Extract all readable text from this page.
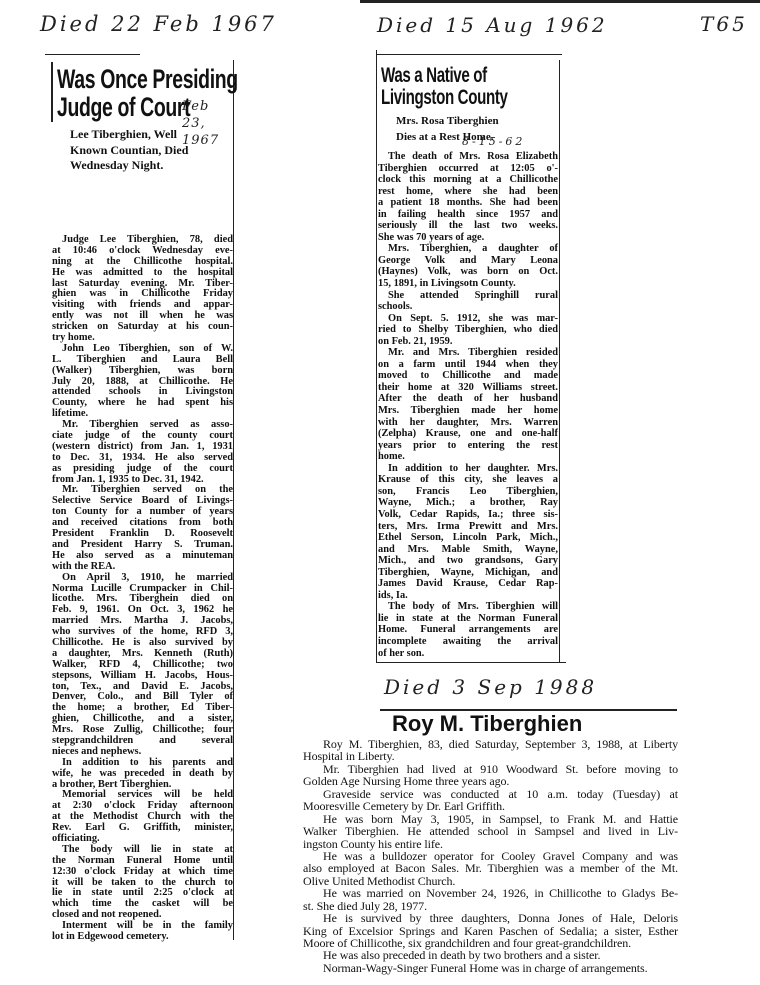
Died 22 Feb 1967
Feb 23, 1967
Died 15 Aug 1962	T65
8-15-62
Died 3 Sep 1988
Was Once Presiding
Judge of Court
Lee Tiberghien, Well
Known Countian, Died
Wednesday Night.
Judge Lee Tiberghien, 78, died
at 10:46 o'clock Wednesday eve-
ning at the Chillicothe hospital.
He was admitted to the hospital
last Saturday evening. Mr. Tiber-
ghien was in Chillicothe Friday
visiting with friends and appar-
ently was not ill when he was
stricken on Saturday at his coun-
try home.
John Leo Tiberghien, son of W.
L. Tiberghien and Laura Bell
(Walker) Tiberghien, was born
July 20, 1888, at Chillicothe. He
attended schools in Livingston
County, where he had spent his
lifetime.
Mr. Tiberghien served as asso-
ciate judge of the county court
(western district) from Jan. 1, 1931
to Dec. 31, 1934. He also served
as presiding judge of the court
from Jan. 1, 1935 to Dec. 31, 1942.
Mr. Tiberghien served on the
Selective Service Board of Livings-
ton County for a number of years
and received citations from both
President Franklin D. Roosevelt
and President Harry S. Truman.
He also served as a minuteman
with the REA.
On April 3, 1910, he married
Norma Lucille Crumpacker in Chil-
licothe. Mrs. Tiberghein died on
Feb. 9, 1961. On Oct. 3, 1962 he
married Mrs. Martha J. Jacobs,
who survives of the home, RFD 3,
Chillicothe. He is also survived by
a daughter, Mrs. Kenneth (Ruth)
Walker, RFD 4, Chillicothe; two
stepsons, William H. Jacobs, Hous-
ton, Tex., and David E. Jacobs,
Denver, Colo., and Bill Tyler of
the home; a brother, Ed Tiber-
ghien, Chillicothe, and a sister,
Mrs. Rose Zullig, Chillicothe; four
stepgrandchildren and several
nieces and nephews.
In addition to his parents and
wife, he was preceded in death by
a brother, Bert Tiberghien.
Memorial services will be held
at 2:30 o'clock Friday afternoon
at the Methodist Church with the
Rev. Earl G. Griffith, minister,
officiating.
The body will lie in state at
the Norman Funeral Home until
12:30 o'clock Friday at which time
it will be taken to the church to
lie in state until 2:25 o'clock at
which time the casket will be
closed and not reopened.
Interment will be in the family
lot in Edgewood cemetery.
Was a Native of
Livingston County
Mrs. Rosa Tiberghien
Dies at a Rest Home.
The death of Mrs. Rosa Elizabeth
Tiberghien occurred at 12:05 o'-
clock this morning at a Chillicothe
rest home, where she had been
a patient 18 months. She had been
in failing health since 1957 and
seriously ill the last two weeks.
She was 70 years of age.
Mrs. Tiberghien, a daughter of
George Volk and Mary Leona
(Haynes) Volk, was born on Oct.
15, 1891, in Livingsotn County.
She attended Springhill rural
schools.
On Sept. 5. 1912, she was mar-
ried to Shelby Tiberghien, who died
on Feb. 21, 1959.
Mr. and Mrs. Tiberghien resided
on a farm until 1944 when they
moved to Chillicothe and made
their home at 320 Williams street.
After the death of her husband
Mrs. Tiberghien made her home
with her daughter, Mrs. Warren
(Zelpha) Krause, one and one-half
years prior to entering the rest
home.
In addition to her daughter. Mrs.
Krause of this city, she leaves a
son, Francis Leo Tiberghien,
Wayne, Mich.; a brother, Ray
Volk, Cedar Rapids, Ia.; three sis-
ters, Mrs. Irma Prewitt and Mrs.
Ethel Serson, Lincoln Park, Mich.,
and Mrs. Mable Smith, Wayne,
Mich., and two grandsons, Gary
Tiberghien, Wayne, Michigan, and
James David Krause, Cedar Rap-
ids, Ia.
The body of Mrs. Tiberghien will
lie in state at the Norman Funeral
Home. Funeral arrangements are
incomplete awaiting the arrival
of her son.
Roy M. Tiberghien
Roy M. Tiberghien, 83, died Saturday, September 3, 1988, at Liberty
Hospital in Liberty.
Mr. Tiberghien had lived at 910 Woodward St. before moving to
Golden Age Nursing Home three years ago.
Graveside service was conducted at 10 a.m. today (Tuesday) at
Mooresville Cemetery by Dr. Earl Griffith.
He was born May 3, 1905, in Sampsel, to Frank M. and Hattie
Walker Tiberghien. He attended school in Sampsel and lived in Liv-
ingston County his entire life.
He was a bulldozer operator for Cooley Gravel Company and was
also employed at Bacon Sales. Mr. Tiberghien was a member of the Mt.
Olive United Methodist Church.
He was married on November 24, 1926, in Chillicothe to Gladys Be-
st. She died July 28, 1977.
He is survived by three daughters, Donna Jones of Hale, Deloris
King of Excelsior Springs and Karen Paschen of Sedalia; a sister, Esther
Moore of Chillicothe, six grandchildren and four great-grandchildren.
He was also preceded in death by two brothers and a sister.
Norman-Wagy-Singer Funeral Home was in charge of arrangements.
